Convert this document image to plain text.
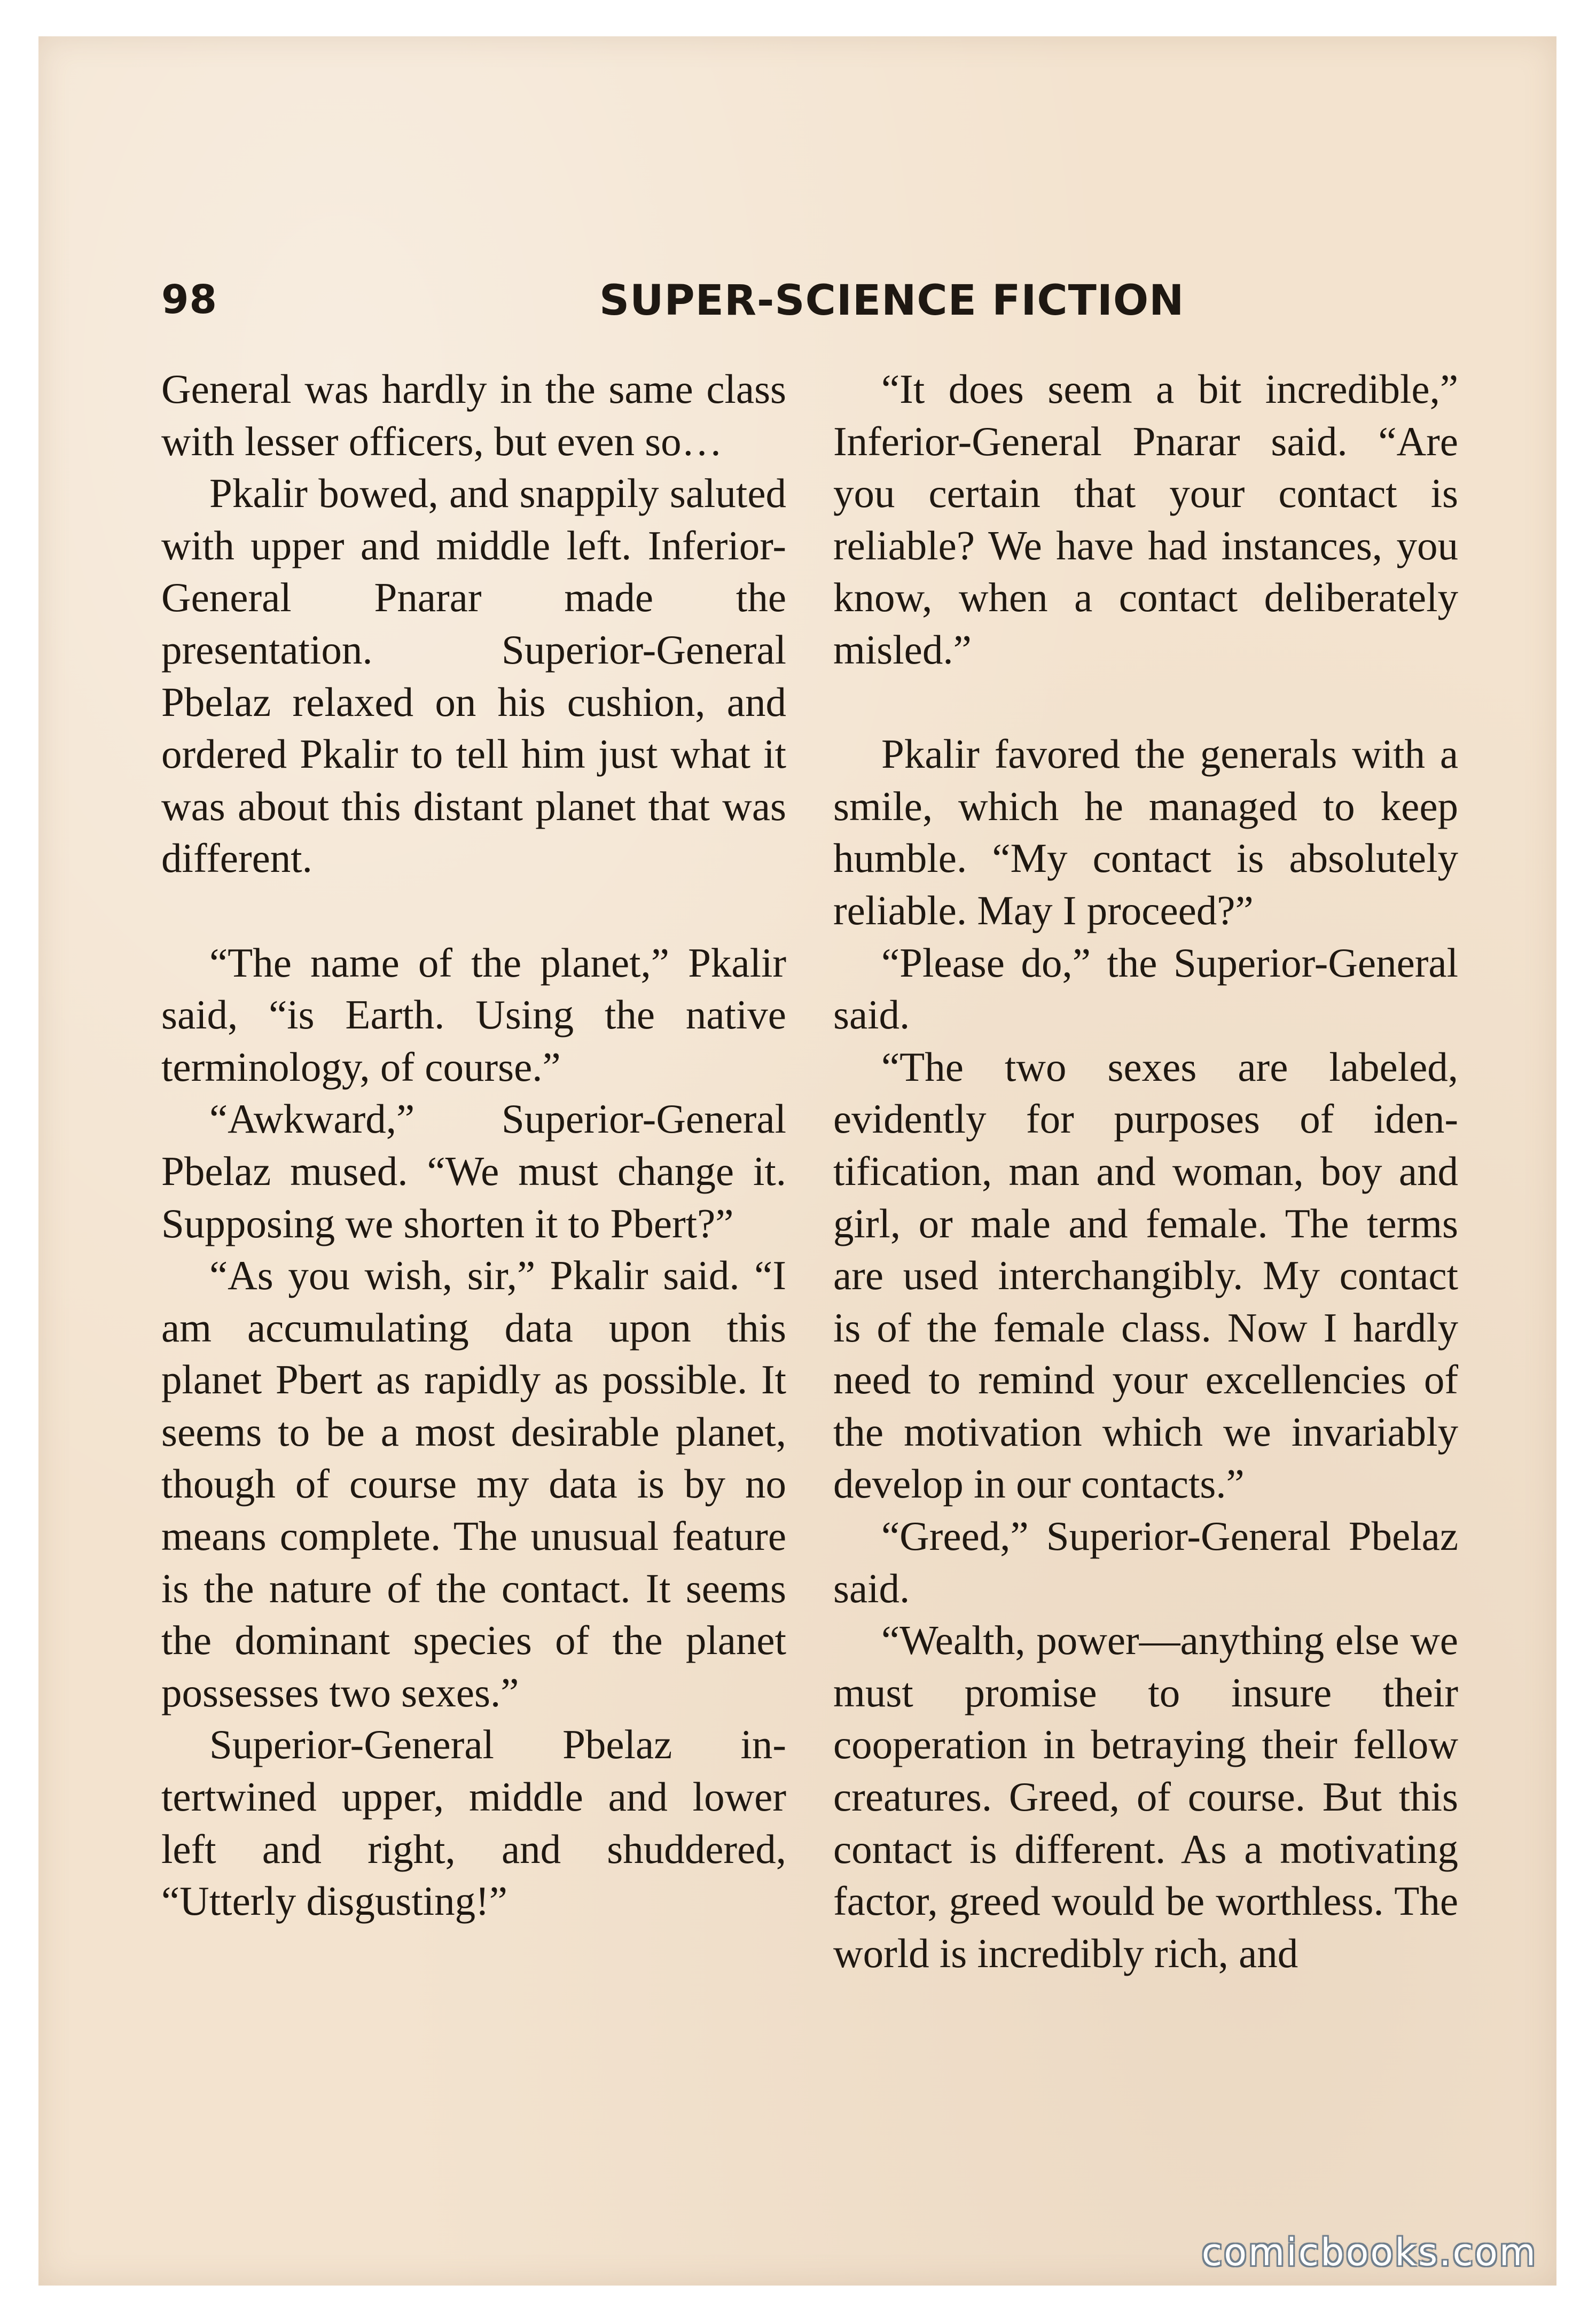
98	SUPER-SCIENCE FICTION

General was hardly in the same class with lesser officers, but even so…

Pkalir bowed, and snappily saluted with upper and middle left. Inferior-General Pnarar made the presentation. Superior-General Pbelaz relaxed on his cushion, and ordered Pkalir to tell him just what it was about this distant planet that was different.

“The name of the planet,” Pkalir said, “is Earth. Using the native terminology, of course.”

“Awkward,” Superior-General Pbelaz mused. “We must change it. Supposing we shorten it to Pbert?”

“As you wish, sir,” Pkalir said. “I am accumulating data upon this planet Pbert as rapidly as possible. It seems to be a most desirable planet, though of course my data is by no means complete. The unusual feature is the nature of the contact. It seems the dominant species of the planet possesses two sexes.”

Superior-General Pbelaz intertwined upper, middle and lower left and right, and shuddered, “Utterly disgusting!”

“It does seem a bit incredible,” Inferior-General Pnarar said. “Are you certain that your contact is reliable? We have had instances, you know, when a contact deliberately misled.”

Pkalir favored the generals with a smile, which he managed to keep humble. “My contact is absolutely reliable. May I proceed?”

“Please do,” the Superior-General said.

“The two sexes are labeled, evidently for purposes of identification, man and woman, boy and girl, or male and female. The terms are used interchangibly. My contact is of the female class. Now I hardly need to remind your excellencies of the motivation which we invariably develop in our contacts.”

“Greed,” Superior-General Pbelaz said.

“Wealth, power—anything else we must promise to insure their cooperation in betraying their fellow creatures. Greed, of course. But this contact is different. As a motivating factor, greed would be worthless. The world is incredibly rich, and

comicbooks.com
